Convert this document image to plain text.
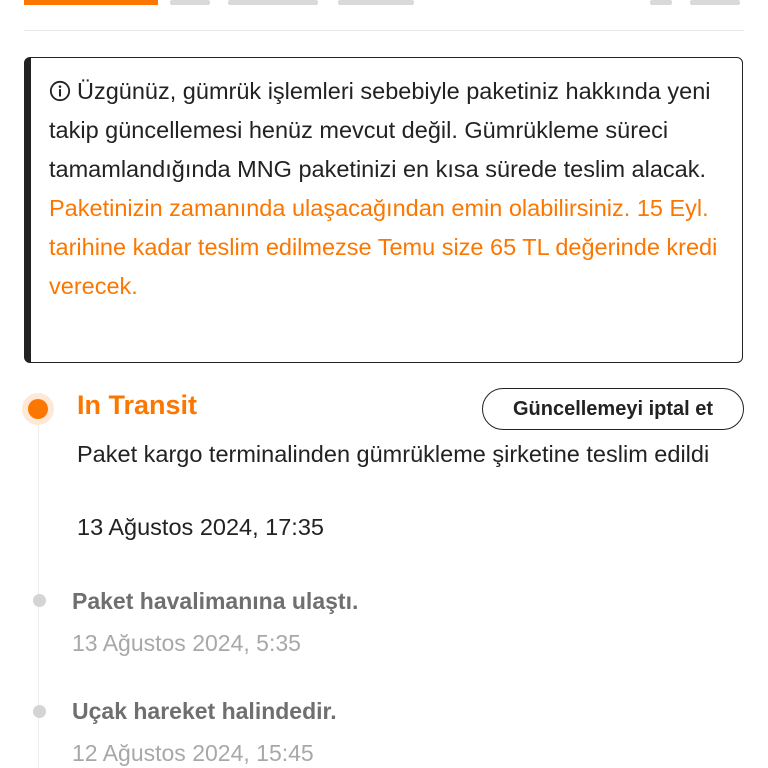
Üzgünüz, gümrük işlemleri sebebiyle paketiniz hakkında yeni takip güncellemesi henüz mevcut değil. Gümrükleme süreci tamamlandığında MNG paketinizi en kısa sürede teslim alacak. Paketinizin zamanında ulaşacağından emin olabilirsiniz. 15 Eyl. tarihine kadar teslim edilmezse Temu size 65 TL değerinde kredi verecek.

In Transit	Güncellemeyi iptal et

Paket kargo terminalinden gümrükleme şirketine teslim edildi

13 Ağustos 2024, 17:35

Paket havalimanına ulaştı.

13 Ağustos 2024, 5:35

Uçak hareket halindedir.

12 Ağustos 2024, 15:45
